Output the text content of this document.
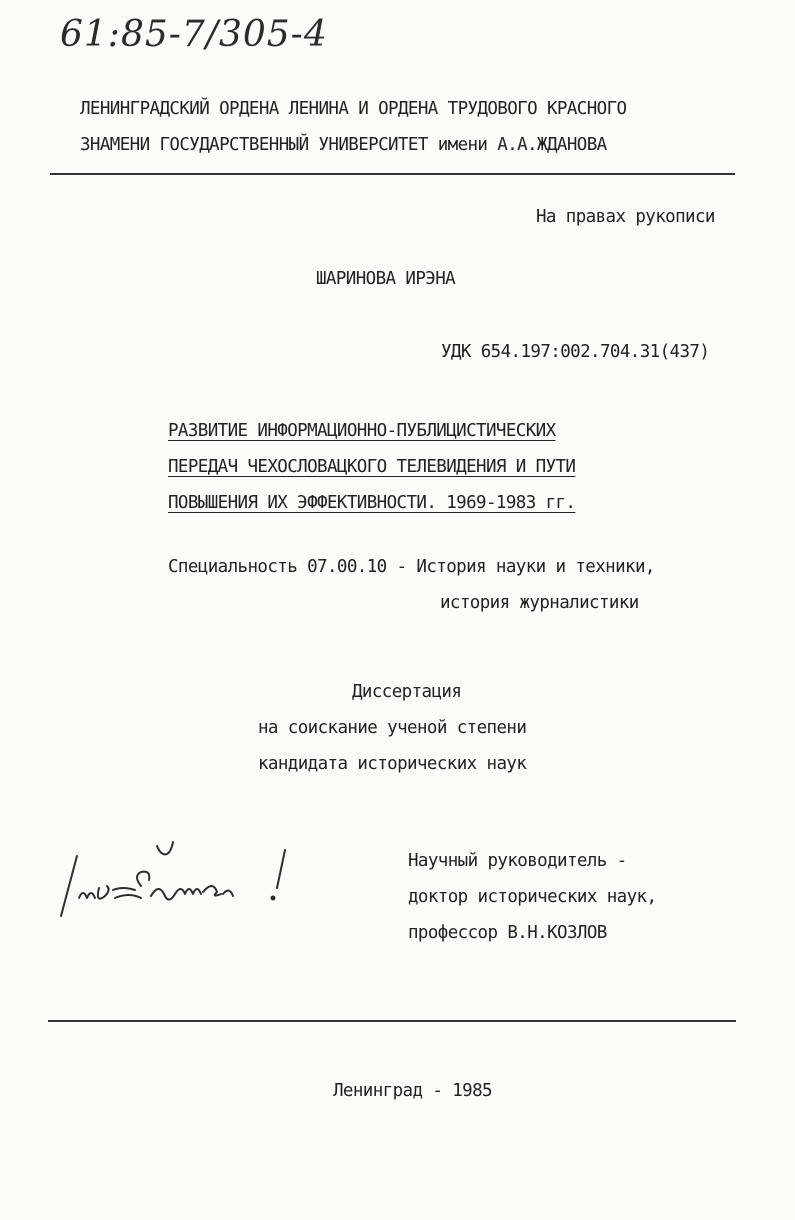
61:85-7/305-4
ЛЕНИНГРАДСКИЙ ОРДЕНА ЛЕНИНА И ОРДЕНА ТРУДОВОГО КРАСНОГО
ЗНАМЕНИ ГОСУДАРСТВЕННЫЙ УНИВЕРСИТЕТ имени А.А.ЖДАНОВА
На правах рукописи
ШАРИНОВА ИРЭНА
УДК 654.197:002.704.31(437)
РАЗВИТИЕ ИНФОРМАЦИОННО-ПУБЛИЦИСТИЧЕСКИХ
ПЕРЕДАЧ ЧЕХОСЛОВАЦКОГО ТЕЛЕВИДЕНИЯ И ПУТИ
ПОВЫШЕНИЯ ИХ ЭФФЕКТИВНОСТИ. 1969-1983 гг.
Специальность 07.00.10 - История науки и техники,
история журналистики
Диссертация
на соискание ученой степени
кандидата исторических наук
Научный руководитель -
доктор исторических наук,
профессор В.Н.КОЗЛОВ
Ленинград - 1985
